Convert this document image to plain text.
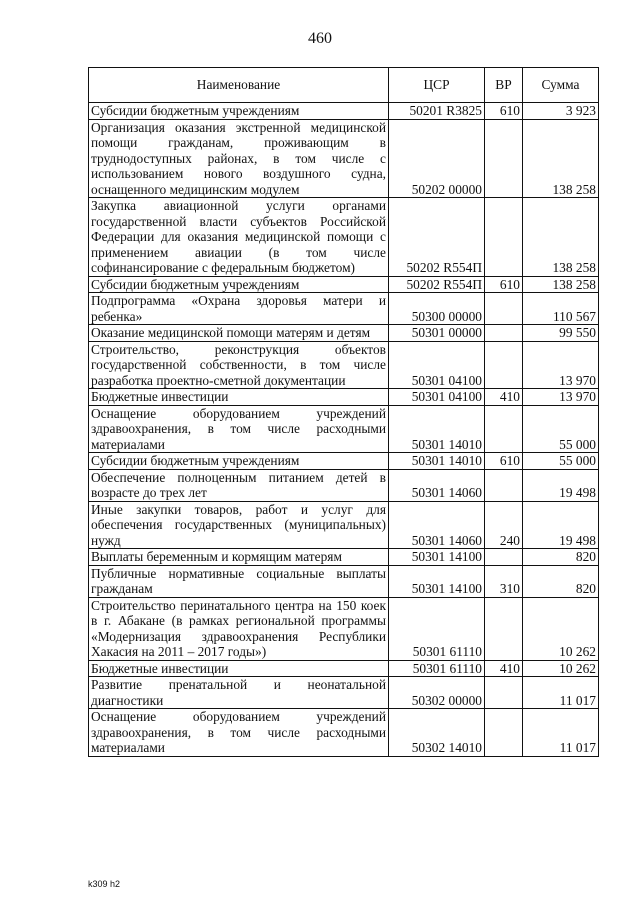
460
Наименование	ЦСР	ВР	Сумма
Субсидии бюджетным учреждениям	50201 R3825	610	3 923
Организация оказания экстренной медицинской помощи гражданам, проживающим в труднодоступных районах, в том числе с использованием нового воздушного судна, оснащенного медицинским модулем	50202 00000		138 258
Закупка авиационной услуги органами государственной власти субъектов Российской Федерации для оказания медицинской помощи с применением авиации (в том числе софинансирование с федеральным бюджетом)	50202 R554П		138 258
Субсидии бюджетным учреждениям	50202 R554П	610	138 258
Подпрограмма «Охрана здоровья матери и ребенка»	50300 00000		110 567
Оказание медицинской помощи матерям и детям	50301 00000		99 550
Строительство, реконструкция объектов государственной собственности, в том числе разработка проектно-сметной документации	50301 04100		13 970
Бюджетные инвестиции	50301 04100	410	13 970
Оснащение оборудованием учреждений здравоохранения, в том числе расходными материалами	50301 14010		55 000
Субсидии бюджетным учреждениям	50301 14010	610	55 000
Обеспечение полноценным питанием детей в возрасте до трех лет	50301 14060		19 498
Иные закупки товаров, работ и услуг для обеспечения государственных (муниципальных) нужд	50301 14060	240	19 498
Выплаты беременным и кормящим матерям	50301 14100		820
Публичные нормативные социальные выплаты гражданам	50301 14100	310	820
Строительство перинатального центра на 150 коек в г. Абакане (в рамках региональной программы «Модернизация здравоохранения Республики Хакасия на 2011 – 2017 годы»)	50301 61110		10 262
Бюджетные инвестиции	50301 61110	410	10 262
Развитие пренатальной и неонатальной диагностики	50302 00000		11 017
Оснащение оборудованием учреждений здравоохранения, в том числе расходными материалами	50302 14010		11 017
k309 h2
